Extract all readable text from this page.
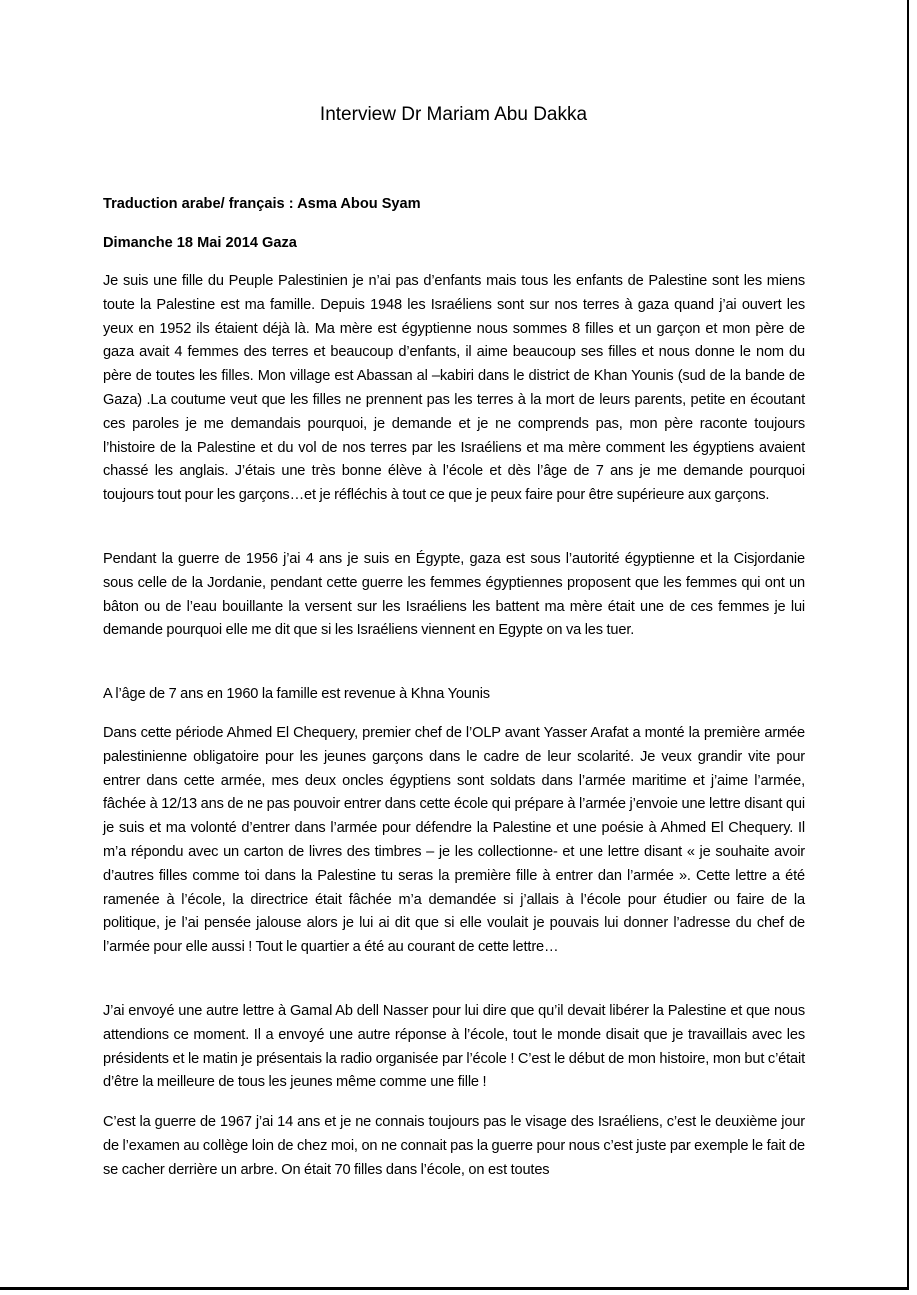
Interview Dr Mariam Abu Dakka
Traduction arabe/ français : Asma Abou Syam
Dimanche 18 Mai 2014 Gaza

Je suis une fille du Peuple Palestinien je n’ai pas d’enfants mais tous les enfants de Palestine sont les miens toute la Palestine est ma famille. Depuis 1948 les Israéliens sont sur nos terres à gaza quand j’ai ouvert les yeux en 1952 ils étaient déjà là. Ma mère est égyptienne nous sommes 8 filles et un garçon et mon père de gaza avait 4 femmes des terres et beaucoup d’enfants, il aime beaucoup ses filles et nous donne le nom du père de toutes les filles. Mon village est Abassan al –kabiri dans le district de Khan Younis (sud de la bande de Gaza) .La coutume veut que les filles ne prennent pas les terres à la mort de leurs parents, petite en écoutant ces paroles je me demandais pourquoi, je demande et je ne comprends pas, mon père raconte toujours l’histoire de la Palestine et du vol de nos terres par les Israéliens et ma mère comment les égyptiens avaient chassé les anglais. J’étais une très bonne élève à l’école et dès l’âge de 7 ans je me demande pourquoi toujours tout pour les garçons…et je réfléchis à tout ce que je peux faire pour être supérieure aux garçons.

Pendant la guerre de 1956 j’ai 4 ans je suis en Égypte, gaza est sous l’autorité égyptienne et la Cisjordanie sous celle de la Jordanie, pendant cette guerre les femmes égyptiennes proposent que les femmes qui ont un bâton ou de l’eau bouillante la versent sur les Israéliens les battent ma mère était une de ces femmes je lui demande pourquoi elle me dit que si les Israéliens viennent en Egypte on va les tuer.

A l’âge de 7 ans en 1960 la famille est revenue à Khna Younis

Dans cette période Ahmed El Chequery, premier chef de l’OLP avant Yasser Arafat a monté la première armée palestinienne obligatoire pour les jeunes garçons dans le cadre de leur scolarité. Je veux grandir vite pour entrer dans cette armée, mes deux oncles égyptiens sont soldats dans l’armée maritime et j’aime l’armée, fâchée à 12/13 ans de ne pas pouvoir entrer dans cette école qui prépare à l’armée j’envoie une lettre disant qui je suis et ma volonté d’entrer dans l’armée pour défendre la Palestine et une poésie à Ahmed El Chequery. Il m’a répondu avec un carton de livres des timbres – je les collectionne- et une lettre disant « je souhaite avoir d’autres filles comme toi dans la Palestine tu seras la première fille à entrer dan l’armée ». Cette lettre a été ramenée à l’école, la directrice était fâchée m’a demandée si j’allais à l’école pour étudier ou faire de la politique, je l’ai pensée jalouse alors je lui ai dit que si elle voulait je pouvais lui donner l’adresse du chef de l’armée pour elle aussi ! Tout le quartier a été au courant de cette lettre…

J’ai envoyé une autre lettre à Gamal Ab dell Nasser pour lui dire que qu’il devait libérer la Palestine et que nous attendions ce moment. Il a envoyé une autre réponse à l’école, tout le monde disait que je travaillais avec les présidents et le matin je présentais la radio organisée par l’école ! C’est le début de mon histoire, mon but c’était d’être la meilleure de tous les jeunes même comme une fille !

C’est la guerre de 1967 j’ai 14 ans et je ne connais toujours pas le visage des Israéliens, c’est le deuxième jour de l’examen au collège loin de chez moi, on ne connait pas la guerre pour nous c’est juste par exemple le fait de se cacher derrière un arbre. On était 70 filles dans l’école, on est toutes
